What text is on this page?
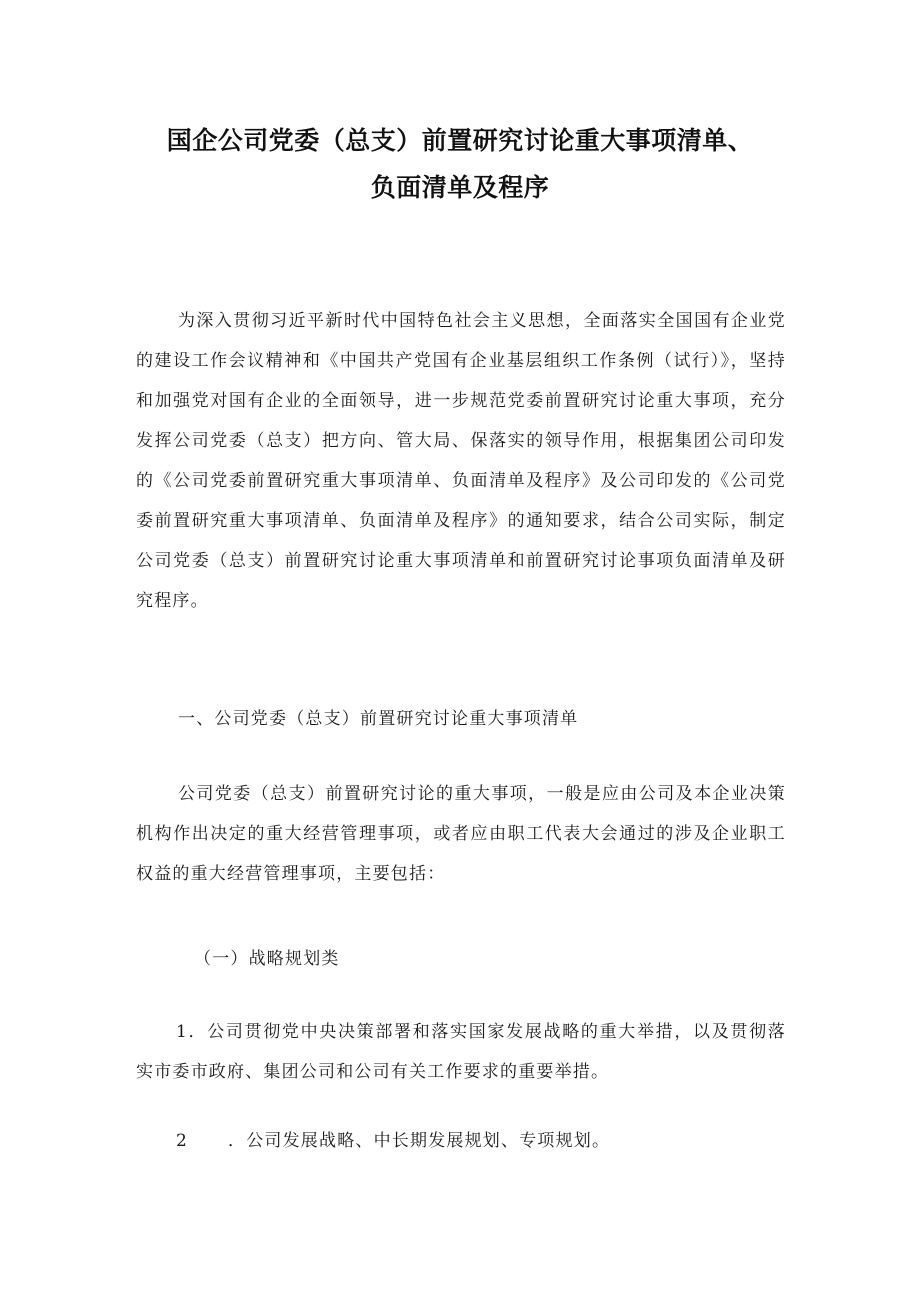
国企公司党委（总支）前置研究讨论重大事项清单、
负面清单及程序
为深入贯彻习近平新时代中国特色社会主义思想，全面落实全国国有企业党的建设工作会议精神和《中国共产党国有企业基层组织工作条例（试行）》，坚持和加强党对国有企业的全面领导，进一步规范党委前置研究讨论重大事项，充分发挥公司党委（总支）把方向、管大局、保落实的领导作用，根据集团公司印发的《公司党委前置研究重大事项清单、负面清单及程序》及公司印发的《公司党委前置研究重大事项清单、负面清单及程序》的通知要求，结合公司实际，制定公司党委（总支）前置研究讨论重大事项清单和前置研究讨论事项负面清单及研究程序。
一、公司党委（总支）前置研究讨论重大事项清单
公司党委（总支）前置研究讨论的重大事项，一般是应由公司及本企业决策机构作出决定的重大经营管理事项，或者应由职工代表大会通过的涉及企业职工权益的重大经营管理事项，主要包括：
（一）战略规划类
1．公司贯彻党中央决策部署和落实国家发展战略的重大举措，以及贯彻落实市委市政府、集团公司和公司有关工作要求的重要举措。
2 ．公司发展战略、中长期发展规划、专项规划。
